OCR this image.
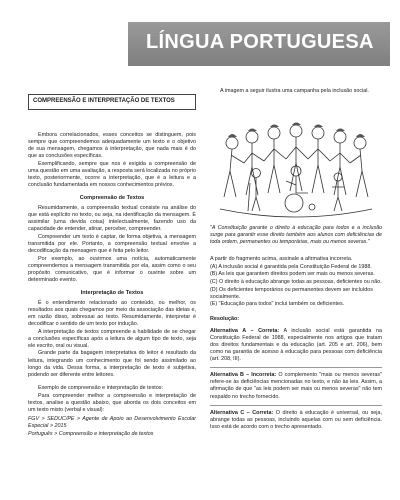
LÍNGUA PORTUGUESA
COMPREENSÃO E INTERPRETAÇÃO DE TEXTOS

Embora correlacionados, esses conceitos se distinguem, pois sempre que compreendemos adequadamente um texto e o objetivo de sua mensagem, chegamos à interpretação, que nada mais é do que as conclusões específicas.

Exemplificando, sempre que nos é exigida a compreensão de uma questão em uma avaliação, a resposta será localizada no próprio texto, posteriormente, ocorre a interpretação, que é a leitura e a conclusão fundamentada em nossos conhecimentos prévios.

Compreensão de Textos

Resumidamente, a compreensão textual consiste na análise do que está explícito no texto, ou seja, na identificação da mensagem. É assimilar (uma devida coisa) intelectualmente, fazendo uso da capacidade de entender, atinar, perceber, compreender.

Compreender um texto é captar, de forma objetiva, a mensagem transmitida por ele. Portanto, a compreensão textual envolve a decodificação da mensagem que é feita pelo leitor.

Por exemplo, ao ouvirmos uma notícia, automaticamente compreendemos a mensagem transmitida por ela, assim como o seu propósito comunicativo, que é informar o ouvinte sobre um determinado evento.

Interpretação de Textos

É o entendimento relacionado ao conteúdo, ou melhor, os resultados aos quais chegamos por meio da associação das ideias e, em razão disso, sobressai ao texto. Resumidamente, interpretar é decodificar o sentido de um texto por indução.

A interpretação de textos compreende a habilidade de se chegar a conclusões específicas após a leitura de algum tipo de texto, seja ele escrito, oral ou visual.

Grande parte da bagagem interpretativa do leitor é resultado da leitura, integrando um conhecimento que foi sendo assimilado ao longo da vida. Dessa forma, a interpretação de texto é subjetiva, podendo ser diferente entre leitores.

Exemplo de compreensão e interpretação de textos:

Para compreender melhor a compreensão e interpretação de textos, analise a questão abaixo, que aborda os dois conceitos em um texto misto (verbal e visual):

FGV > SEDUC/PE > Agente de Apoio ao Desenvolvimento Escolar Especial > 2015

Português > Compreensão e interpretação de textos

A imagem a seguir ilustra uma campanha pela inclusão social.

"A Constituição garante o direito à educação para todos e a inclusão surge para garantir esse direito também aos alunos com deficiências de toda ordem, permanentes ou temporárias, mais ou menos severas."

A partir do fragmento acima, assinale a afirmativa incorreta.

(A) A inclusão social é garantida pela Constituição Federal de 1988.

(B) As leis que garantem direitos podem ser mais ou menos severas.

(C) O direito à educação abrange todas as pessoas, deficientes ou não.

(D) Os deficientes temporários ou permanentes devem ser incluídos socialmente.

(E) "Educação para todos" inclui também os deficientes.

Resolução:

Alternativa A – Correta: A inclusão social está garantida na Constituição Federal de 1988, especialmente nos artigos que tratam dos direitos fundamentais e da educação (art. 205 e art. 206), bem como na garantia de acesso à educação para pessoas com deficiência (art. 208, III).

Alternativa B – Incorreta: O complemento "mais ou menos severas" refere-se às deficiências mencionadas no texto, e não às leis. Assim, a afirmação de que "as leis podem ser mais ou menos severas" não tem respaldo no trecho fornecido.

Alternativa C – Correta: O direito à educação é universal, ou seja, abrange todas as pessoas, incluindo aquelas com ou sem deficiência. Isso está de acordo com o trecho apresentado.
